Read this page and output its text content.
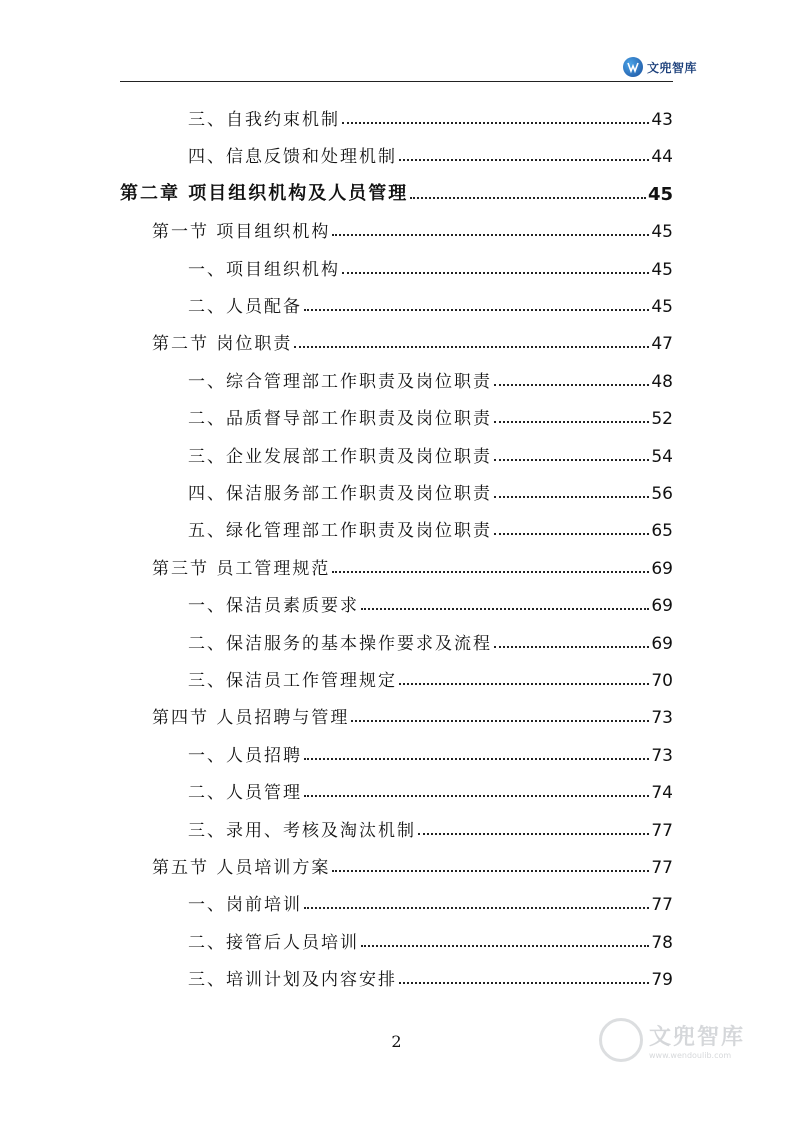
文兜智库
三、自我约束机制	43
四、信息反馈和处理机制	44
第二章 项目组织机构及人员管理	45
第一节 项目组织机构	45
一、项目组织机构	45
二、人员配备	45
第二节 岗位职责	47
一、综合管理部工作职责及岗位职责	48
二、品质督导部工作职责及岗位职责	52
三、企业发展部工作职责及岗位职责	54
四、保洁服务部工作职责及岗位职责	56
五、绿化管理部工作职责及岗位职责	65
第三节 员工管理规范	69
一、保洁员素质要求	69
二、保洁服务的基本操作要求及流程	69
三、保洁员工作管理规定	70
第四节 人员招聘与管理	73
一、人员招聘	73
二、人员管理	74
三、录用、考核及淘汰机制	77
第五节 人员培训方案	77
一、岗前培训	77
二、接管后人员培训	78
三、培训计划及内容安排	79
2	文兜智库
www.wendoulib.com
